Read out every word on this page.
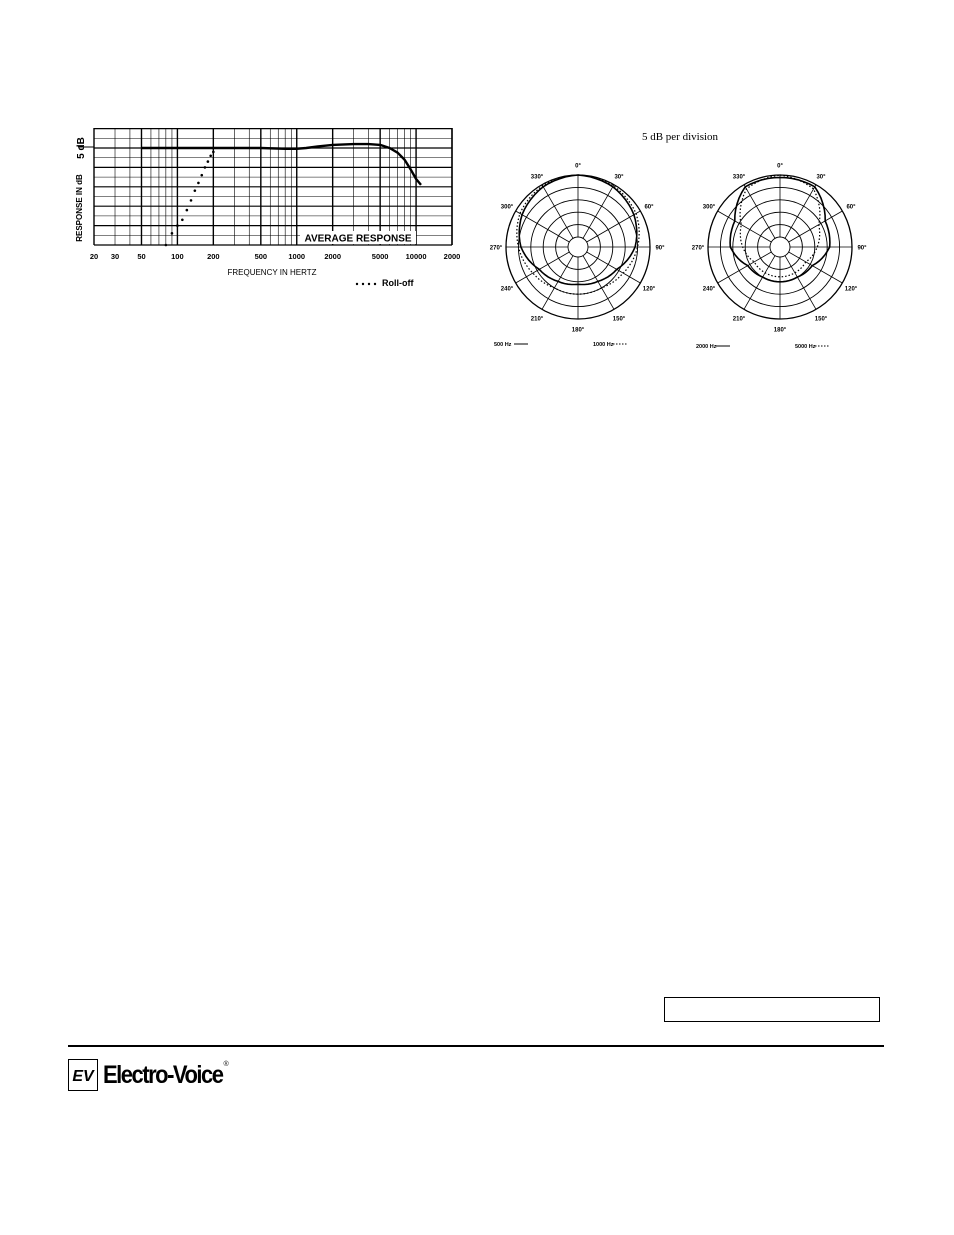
20 30 50	100	200	500	1000	2000	5000 10000 2000
5 dB
RESPONSE IN dB
FREQUENCY IN HERTZ
AVERAGE RESPONSE
Roll-off
5 dB per division
0°
30°
60°
90°
120°
150°
180°
210°
240°
270°
300°
330°
500 Hz	1000 Hz
0°
30°
60°
90°
120°
150°
180°
210°
240°
270°
300°
330°
2000 Hz	5000 Hz
EV Electro-Voice ®
